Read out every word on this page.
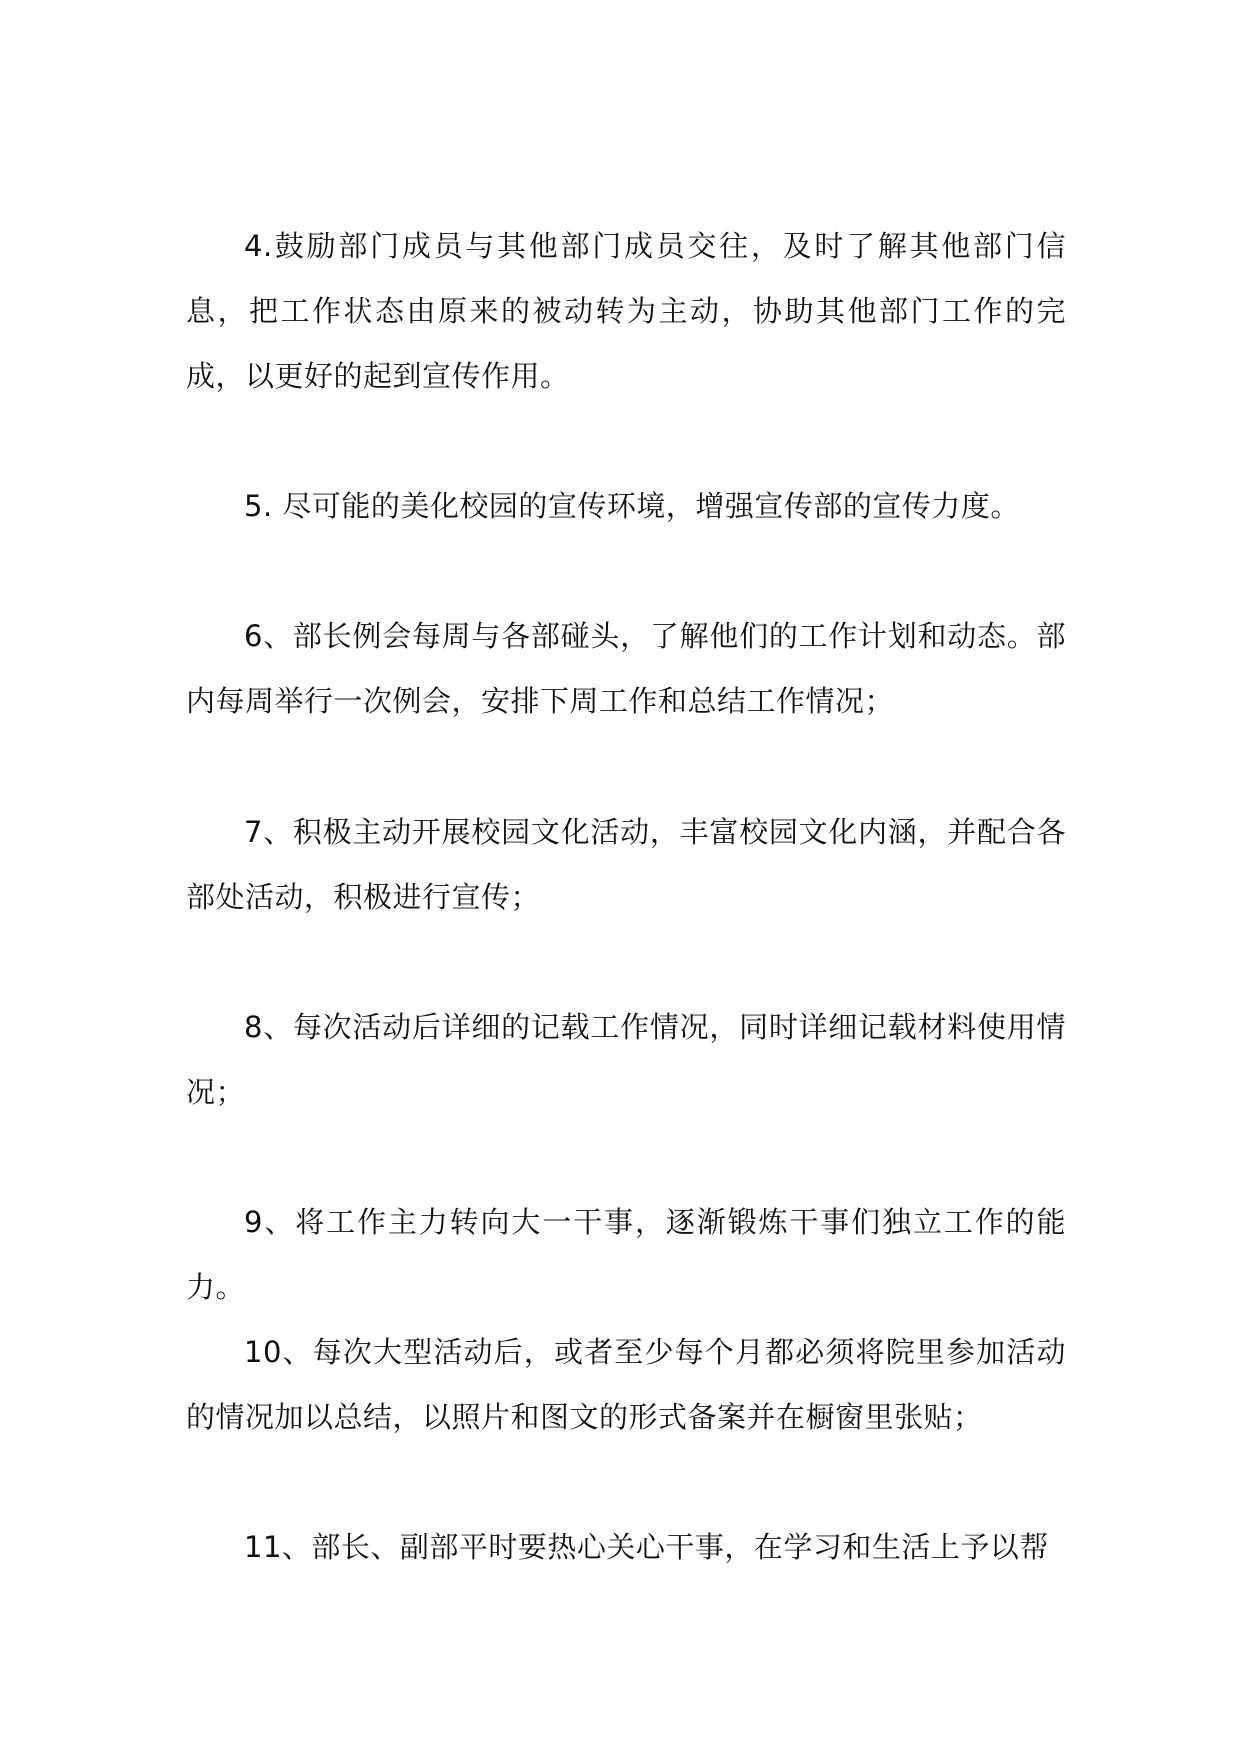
4.鼓励部门成员与其他部门成员交往，及时了解其他部门信息，把工作状态由原来的被动转为主动，协助其他部门工作的完成，以更好的起到宣传作用。

5. 尽可能的美化校园的宣传环境，增强宣传部的宣传力度。

6、部长例会每周与各部碰头，了解他们的工作计划和动态。部内每周举行一次例会，安排下周工作和总结工作情况；

7、积极主动开展校园文化活动，丰富校园文化内涵，并配合各部处活动，积极进行宣传；

8、每次活动后详细的记载工作情况，同时详细记载材料使用情况；

9、将工作主力转向大一干事，逐渐锻炼干事们独立工作的能力。

10、每次大型活动后，或者至少每个月都必须将院里参加活动的情况加以总结，以照片和图文的形式备案并在橱窗里张贴；

11、部长、副部平时要热心关心干事，在学习和生活上予以帮
